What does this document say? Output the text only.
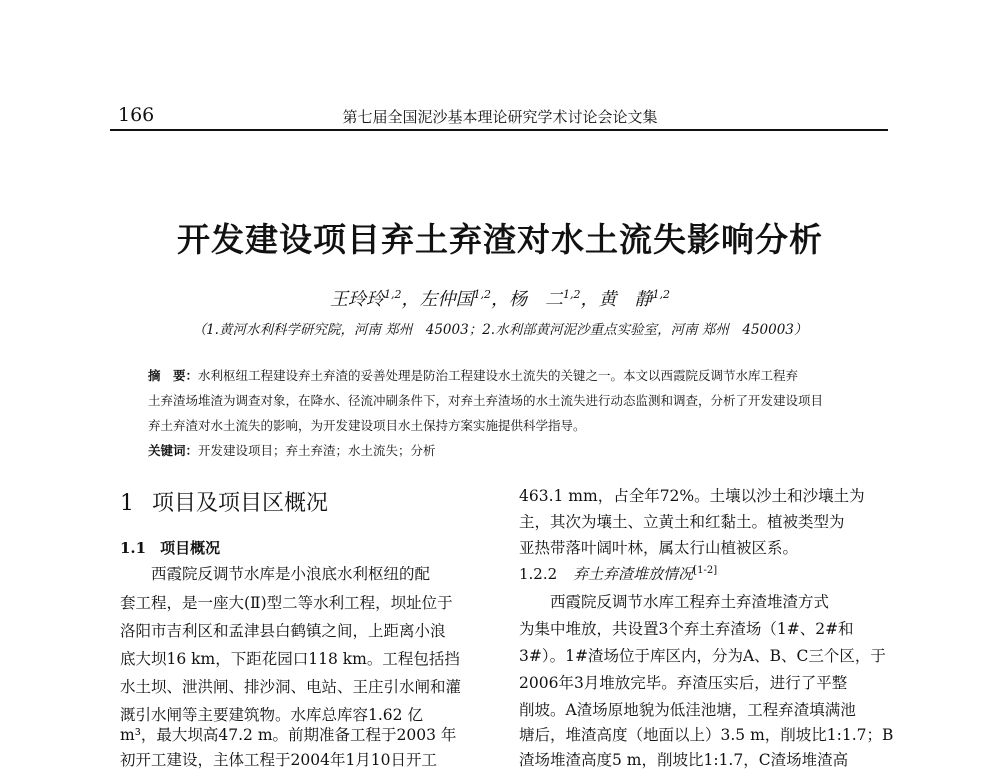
166	第七届全国泥沙基本理论研究学术讨论会论文集
开发建设项目弃土弃渣对水土流失影响分析
王玲玲$^{1,2}$，左仲国$^{1,2}$，杨　二$^{1,2}$，黄　静$^{1,2}$
（1.黄河水利科学研究院，河南 郑州　45003；2.水利部黄河泥沙重点实验室，河南 郑州　450003）
摘　要：水利枢纽工程建设弃土弃渣的妥善处理是防治工程建设水土流失的关键之一。本文以西霞院反调节水库工程弃
土弃渣场堆渣为调查对象，在降水、径流冲刷条件下，对弃土弃渣场的水土流失进行动态监测和调查，分析了开发建设项目
弃土弃渣对水土流失的影响，为开发建设项目水土保持方案实施提供科学指导。
关键词：开发建设项目；弃土弃渣；水土流失；分析
1 项目及项目区概况
1.1 项目概况
　　西霞院反调节水库是小浪底水利枢纽的配
套工程，是一座大(Ⅱ)型二等水利工程，坝址位于
洛阳市吉利区和孟津县白鹤镇之间，上距离小浪
底大坝16 km，下距花园口118 km。工程包括挡
水土坝、泄洪闸、排沙洞、电站、王庄引水闸和灌
溉引水闸等主要建筑物。水库总库容1.62 亿
m³，最大坝高47.2 m。前期准备工程于2003 年
初开工建设，主体工程于2004年1月10日开工
463.1 mm，占全年72%。土壤以沙土和沙壤土为
主，其次为壤土、立黄土和红黏土。植被类型为
亚热带落叶阔叶林，属太行山植被区系。
1.2.2 弃土弃渣堆放情况[1-2]
　　西霞院反调节水库工程弃土弃渣堆渣方式
为集中堆放，共设置3个弃土弃渣场（1#、2#和
3#）。1#渣场位于库区内，分为A、B、C三个区，于
2006年3月堆放完毕。弃渣压实后，进行了平整
削坡。A渣场原地貌为低洼池塘，工程弃渣填满池
塘后，堆渣高度（地面以上）3.5 m，削坡比1:1.7；B
渣场堆渣高度5 m，削坡比1:1.7，C渣场堆渣高
